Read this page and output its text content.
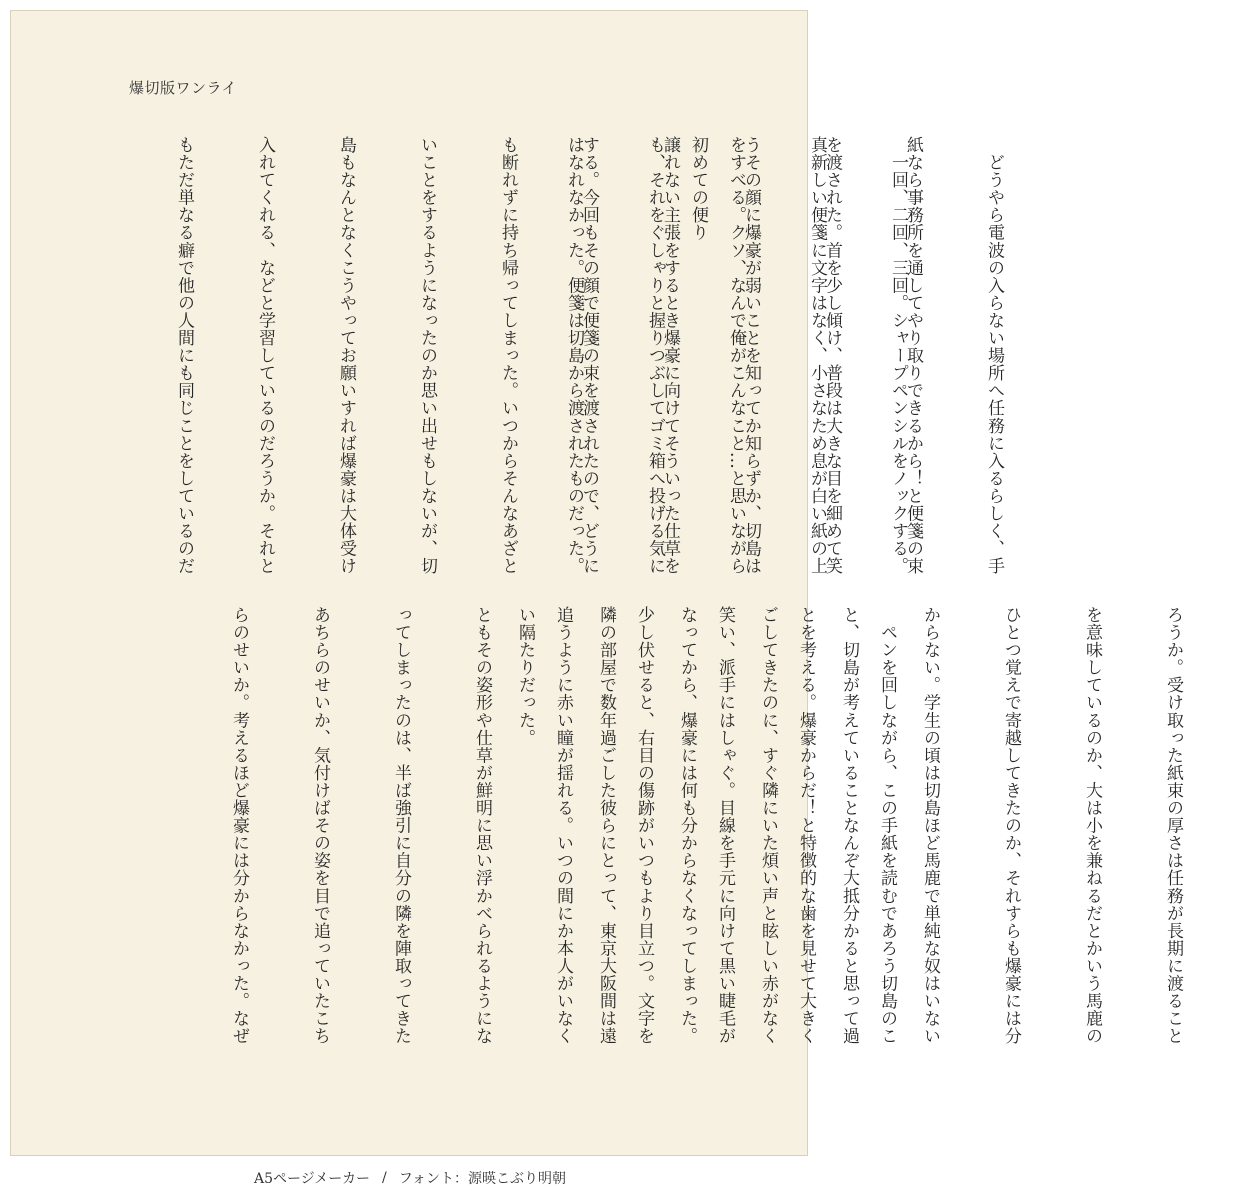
爆切版ワンライ
初めての便り

	　一回、二回、三回。シャープペンシルをノックする。

真新しい便箋に文字はなく、小さなため息が白い紙の上

をすべる。クソ、なんで俺がこんなこと…と思いながら

も、それをぐしゃりと握りつぶしてゴミ箱へ投げる気に

はなれなかった。便箋は切島から渡されたものだった。

	　どうやら電波の入らない場所へ任務に入るらしく、手

紙なら事務所を通してやり取りできるから！と便箋の束

を渡された。首を少し傾け、普段は大きな目を細めて笑

うその顔に爆豪が弱いことを知ってか知らずか、切島は

譲れない主張をするとき爆豪に向けてそういった仕草を

する。今回もその顔で便箋の束を渡されたので、どうに

も断れずに持ち帰ってしまった。いつからそんなあざと

いことをするようになったのか思い出せもしないが、切

島もなんとなくこうやってお願いすれば爆豪は大体受け

入れてくれる、などと学習しているのだろうか。それと

もただ単なる癖で他の人間にも同じことをしているのだ

ろうか。受け取った紙束の厚さは任務が長期に渡ること

を意味しているのか、大は小を兼ねるだとかいう馬鹿の

ひとつ覚えで寄越してきたのか、それすらも爆豪には分

からない。学生の頃は切島ほど馬鹿で単純な奴はいない

と、切島が考えていることなんぞ大抵分かると思って過

ごしてきたのに、すぐ隣にいた煩い声と眩しい赤がなく

なってから、爆豪には何も分からなくなってしまった。

隣の部屋で数年過ごした彼らにとって、東京大阪間は遠

い隔たりだった。

	　ペンを回しながら、この手紙を読むであろう切島のこ

とを考える。爆豪からだ！と特徴的な歯を見せて大きく

笑い、派手にはしゃぐ。目線を手元に向けて黒い睫毛が

少し伏せると、右目の傷跡がいつもより目立つ。文字を

追うように赤い瞳が揺れる。いつの間にか本人がいなく

ともその姿形や仕草が鮮明に思い浮かべられるようにな

ってしまったのは、半ば強引に自分の隣を陣取ってきた

あちらのせいか、気付けばその姿を目で追っていたこち

らのせいか。考えるほど爆豪には分からなかった。なぜ

A5ページメーカー / フォント：源暎こぶり明朝
